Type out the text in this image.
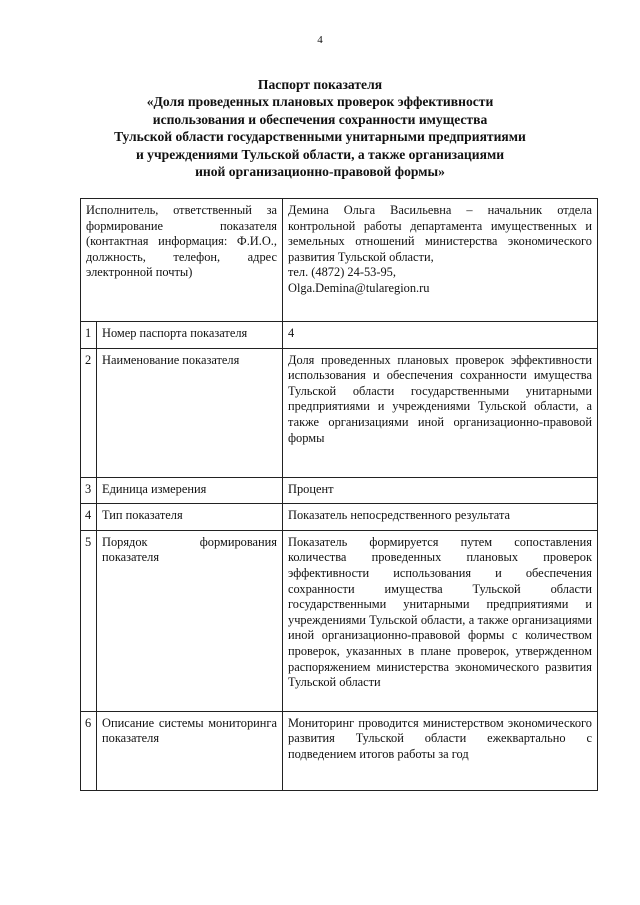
4
Паспорт показателя
«Доля проведенных плановых проверок эффективности
использования и обеспечения сохранности имущества
Тульской области государственными унитарными предприятиями
и учреждениями Тульской области, а также организациями
иной организационно-правовой формы»
Исполнитель, ответственный за формирование показателя (контактная информация: Ф.И.О., должность, телефон, адрес электронной почты)		Демина Ольга Васильевна – начальник отдела контрольной работы департамента имущественных и земельных отношений министерства экономического развития Тульской области,
тел. (4872) 24-53-95,
Olga.Demina@tularegion.ru

1	Номер паспорта показателя	4
2	Наименование показателя	Доля проведенных плановых проверок эффективности использования и обеспечения сохранности имущества Тульской области государственными унитарными предприятиями и учреждениями Тульской области, а также организациями иной организационно-правовой формы
3	Единица измерения	Процент
4	Тип показателя	Показатель непосредственного результата
5	Порядок формирования показателя	Показатель формируется путем сопоставления количества проведенных плановых проверок эффективности использования и обеспечения сохранности имущества Тульской области государственными унитарными предприятиями и учреждениями Тульской области, а также организациями иной организационно-правовой формы с количеством проверок, указанных в плане проверок, утвержденном распоряжением министерства экономического развития Тульской области
6	Описание системы мониторинга показателя	Мониторинг проводится министерством экономического развития Тульской области ежеквартально с подведением итогов работы за год
